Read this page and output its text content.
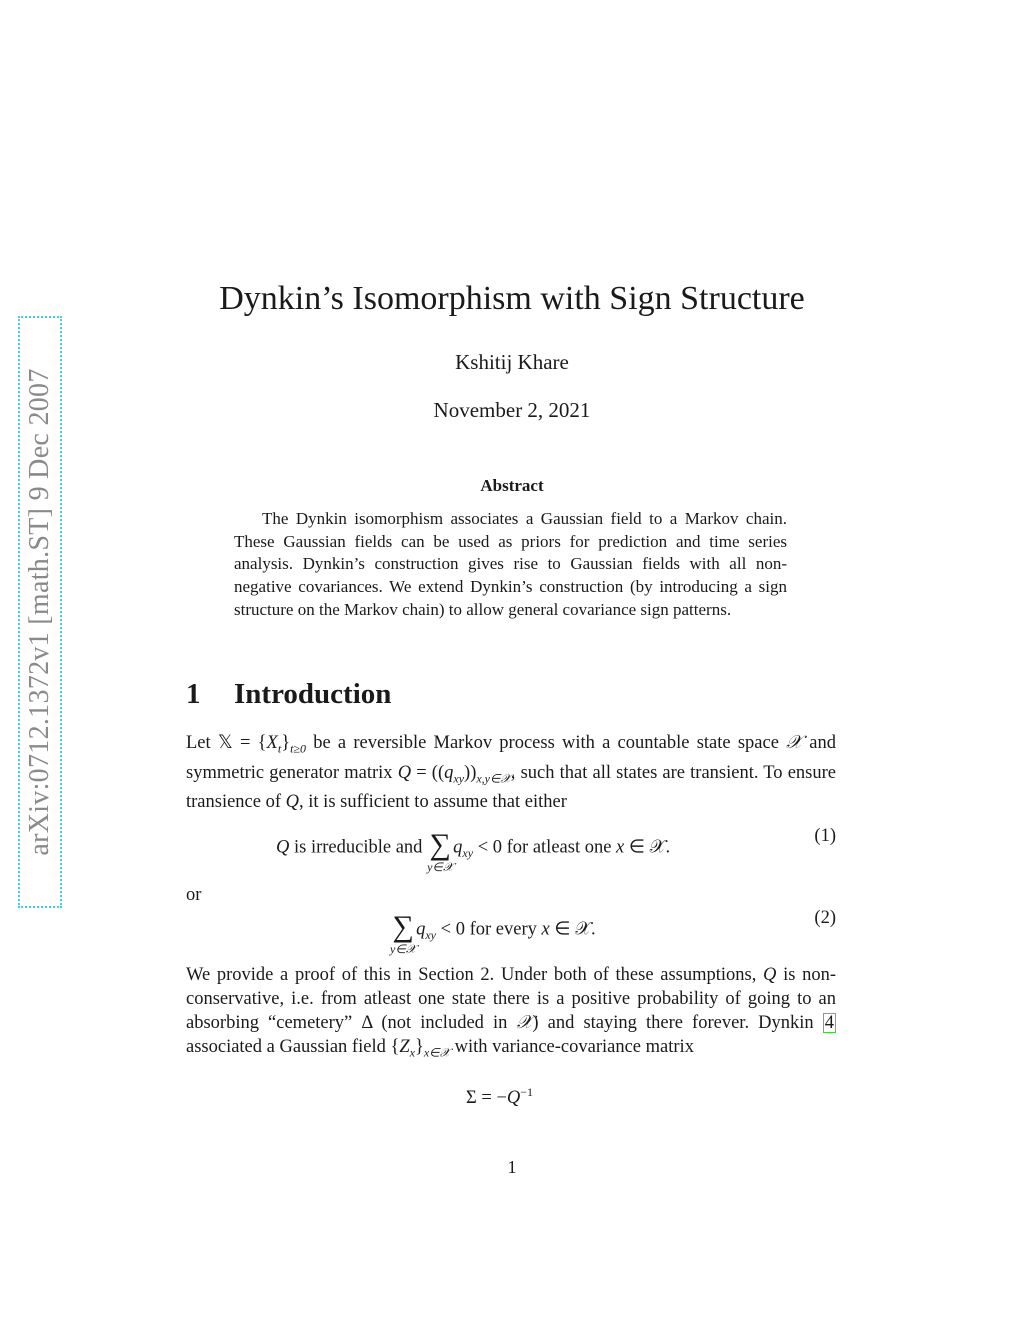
arXiv:0712.1372v1 [math.ST] 9 Dec 2007
Dynkin’s Isomorphism with Sign Structure
Kshitij Khare
November 2, 2021
Abstract
The Dynkin isomorphism associates a Gaussian field to a Markov chain. These Gaussian fields can be used as priors for prediction and time series analysis. Dynkin’s construction gives rise to Gaussian fields with all non-negative covariances. We extend Dynkin’s construction (by introducing a sign structure on the Markov chain) to allow general covariance sign patterns.
1 Introduction
Let 𝕏 = $\{X_t\}_{t\ge 0}$ be a reversible Markov process with a countable state space 𝒳 and symmetric generator matrix $Q = ((q_{xy}))_{x,y\in 𝒳}$, such that all states are transient. To ensure transience of Q, it is sufficient to assume that either
Q is irreducible and ∑
y∈𝒳
$q_{xy} < 0$ for atleast one x ∈ 𝒳.
(1)
or
∑
y∈𝒳
$q_{xy} < 0$ for every x ∈ 𝒳.
(2)
We provide a proof of this in Section 2. Under both of these assumptions, Q is non-conservative, i.e. from atleast one state there is a positive probability of going to an absorbing “cemetery” Δ (not included in 𝒳) and staying there forever. Dynkin 4 associated a Gaussian field $\{Z_x\}_{x\in 𝒳}$ with variance-covariance matrix
$\Sigma = -Q^{-1}$
1
